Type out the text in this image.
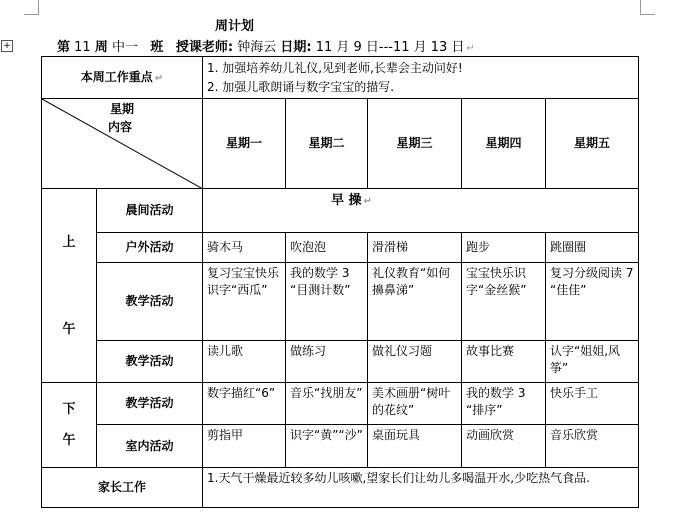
周计划
+	第 11 周 中一 班 授课老师: 钟海云 日期: 11 月 9 日---11 月 13 日 ↵
本周工作重点 ↵		1. 加强培养幼儿礼仪,见到老师,长辈会主动问好!
2. 加强儿歌朗诵与数字宝宝的描写.				

星期
内容		星期一	星期二	星期三	星期四	星期五

上
午	晨间活动	早 操 ↵				
	户外活动	骑木马	吹泡泡	滑滑梯	跑步	跳圈圈
	教学活动	复习宝宝快乐识字“西瓜”	我的数学 3 “目测计数”	礼仪教育“如何擤鼻涕”	宝宝快乐识字“金丝猴”	复习分级阅读 7 “佳佳”
	教学活动	读儿歌	做练习	做礼仪习题	故事比赛	认字“姐姐,风筝”

下
午	教学活动	数字描红“6”	音乐“找朋友”	美术画册“树叶的花纹”	我的数学 3 “排序”	快乐手工
	室内活动	剪指甲	识字“黄”“沙”	桌面玩具	动画欣赏	音乐欣赏
家长工作		1.天气干燥最近较多幼儿咳嗽,望家长们让幼儿多喝温开水,少吃热气食品.				
